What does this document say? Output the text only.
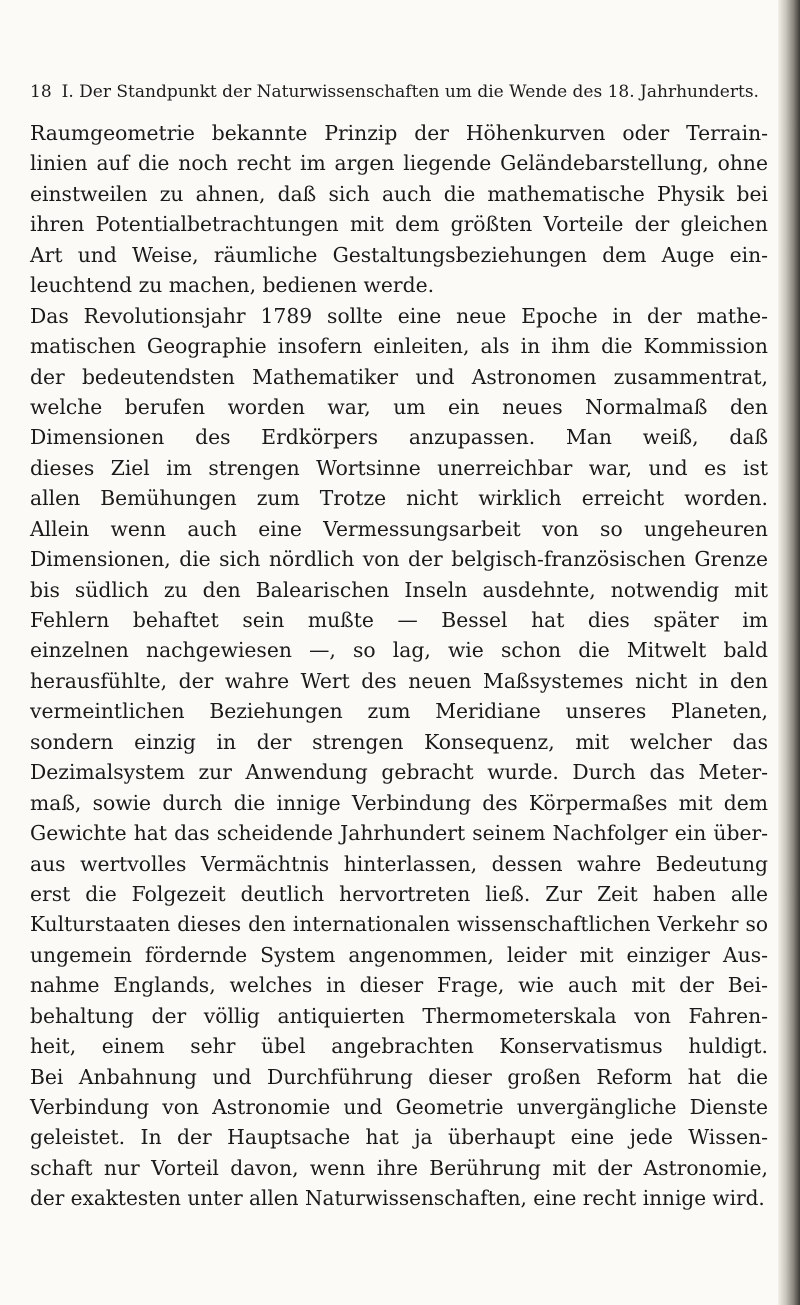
18 I. Der Standpunkt der Naturwissenschaften um die Wende des 18. Jahrhunderts.
Raumgeometrie bekannte Prinzip der Höhenkurven oder Terrain-
linien auf die noch recht im argen liegende Geländebarstellung, ohne
einstweilen zu ahnen, daß sich auch die mathematische Physik bei
ihren Potentialbetrachtungen mit dem größten Vorteile der gleichen
Art und Weise, räumliche Gestaltungsbeziehungen dem Auge ein-
leuchtend zu machen, bedienen werde.
Das Revolutionsjahr 1789 sollte eine neue Epoche in der mathe-
matischen Geographie insofern einleiten, als in ihm die Kommission
der bedeutendsten Mathematiker und Astronomen zusammentrat,
welche berufen worden war, um ein neues Normalmaß den
Dimensionen des Erdkörpers anzupassen. Man weiß, daß
dieses Ziel im strengen Wortsinne unerreichbar war, und es ist
allen Bemühungen zum Trotze nicht wirklich erreicht worden.
Allein wenn auch eine Vermessungsarbeit von so ungeheuren
Dimensionen, die sich nördlich von der belgisch-französischen Grenze
bis südlich zu den Balearischen Inseln ausdehnte, notwendig mit
Fehlern behaftet sein mußte — Bessel hat dies später im
einzelnen nachgewiesen —, so lag, wie schon die Mitwelt bald
herausfühlte, der wahre Wert des neuen Maßsystemes nicht in den
vermeintlichen Beziehungen zum Meridiane unseres Planeten,
sondern einzig in der strengen Konsequenz, mit welcher das
Dezimalsystem zur Anwendung gebracht wurde. Durch das Meter-
maß, sowie durch die innige Verbindung des Körpermaßes mit dem
Gewichte hat das scheidende Jahrhundert seinem Nachfolger ein über-
aus wertvolles Vermächtnis hinterlassen, dessen wahre Bedeutung
erst die Folgezeit deutlich hervortreten ließ. Zur Zeit haben alle
Kulturstaaten dieses den internationalen wissenschaftlichen Verkehr so
ungemein fördernde System angenommen, leider mit einziger Aus-
nahme Englands, welches in dieser Frage, wie auch mit der Bei-
behaltung der völlig antiquierten Thermometerskala von Fahren-
heit, einem sehr übel angebrachten Konservatismus huldigt.
Bei Anbahnung und Durchführung dieser großen Reform hat die
Verbindung von Astronomie und Geometrie unvergängliche Dienste
geleistet. In der Hauptsache hat ja überhaupt eine jede Wissen-
schaft nur Vorteil davon, wenn ihre Berührung mit der Astronomie,
der exaktesten unter allen Naturwissenschaften, eine recht innige wird.
